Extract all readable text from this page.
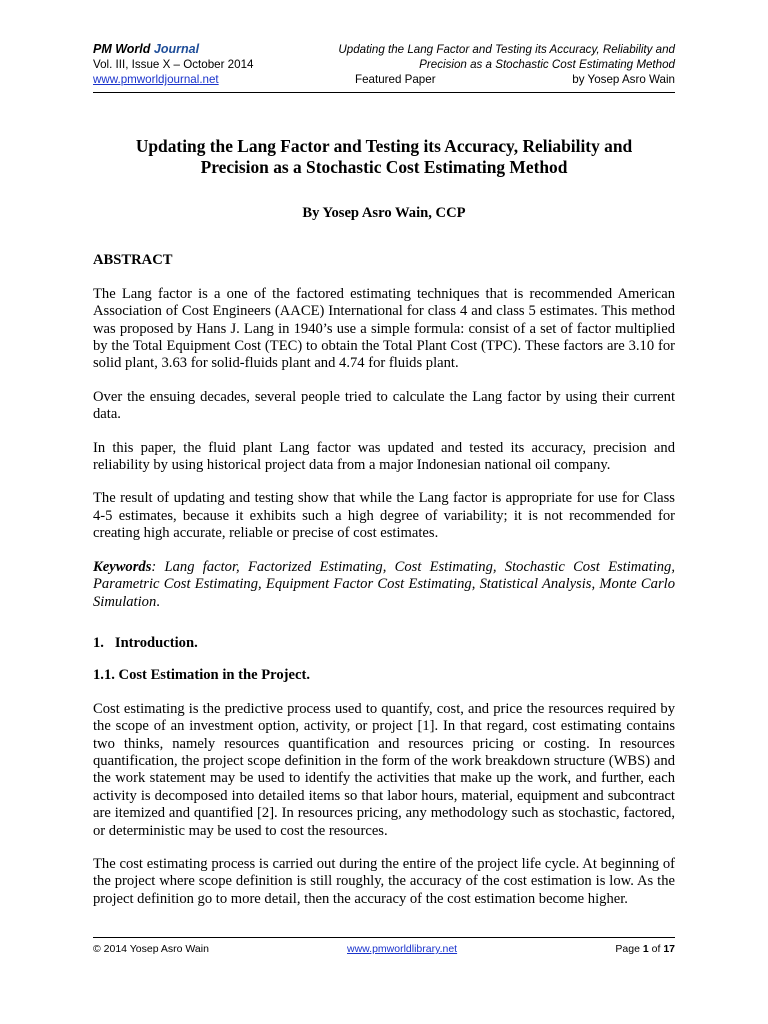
PM World Journal
Vol. III, Issue X – October 2014
www.pmworldjournal.net
Updating the Lang Factor and Testing its Accuracy, Reliability and
Precision as a Stochastic Cost Estimating Method
Featured Paper	by Yosep Asro Wain
Updating the Lang Factor and Testing its Accuracy, Reliability and
Precision as a Stochastic Cost Estimating Method
By Yosep Asro Wain, CCP
ABSTRACT

The Lang factor is a one of the factored estimating techniques that is recommended American Association of Cost Engineers (AACE) International for class 4 and class 5 estimates. This method was proposed by Hans J. Lang in 1940’s use a simple formula: consist of a set of factor multiplied by the Total Equipment Cost (TEC) to obtain the Total Plant Cost (TPC). These factors are 3.10 for solid plant, 3.63 for solid-fluids plant and 4.74 for fluids plant.

Over the ensuing decades, several people tried to calculate the Lang factor by using their current data.

In this paper, the fluid plant Lang factor was updated and tested its accuracy, precision and reliability by using historical project data from a major Indonesian national oil company.

The result of updating and testing show that while the Lang factor is appropriate for use for Class 4-5 estimates, because it exhibits such a high degree of variability; it is not recommended for creating high accurate, reliable or precise of cost estimates.

Keywords: Lang factor, Factorized Estimating, Cost Estimating, Stochastic Cost Estimating, Parametric Cost Estimating, Equipment Factor Cost Estimating, Statistical Analysis, Monte Carlo Simulation.

1.   Introduction.
1.1. Cost Estimation in the Project.

Cost estimating is the predictive process used to quantify, cost, and price the resources required by the scope of an investment option, activity, or project [1]. In that regard, cost estimating contains two thinks, namely resources quantification and resources pricing or costing. In resources quantification, the project scope definition in the form of the work breakdown structure (WBS) and the work statement may be used to identify the activities that make up the work, and further, each activity is decomposed into detailed items so that labor hours, material, equipment and subcontract are itemized and quantified [2]. In resources pricing, any methodology such as stochastic, factored, or deterministic may be used to cost the resources.

The cost estimating process is carried out during the entire of the project life cycle. At beginning of the project where scope definition is still roughly, the accuracy of the cost estimation is low. As the project definition go to more detail, then the accuracy of the cost estimation become higher.

© 2014 Yosep Asro Wain	www.pmworldlibrary.net	Page 1 of 17
